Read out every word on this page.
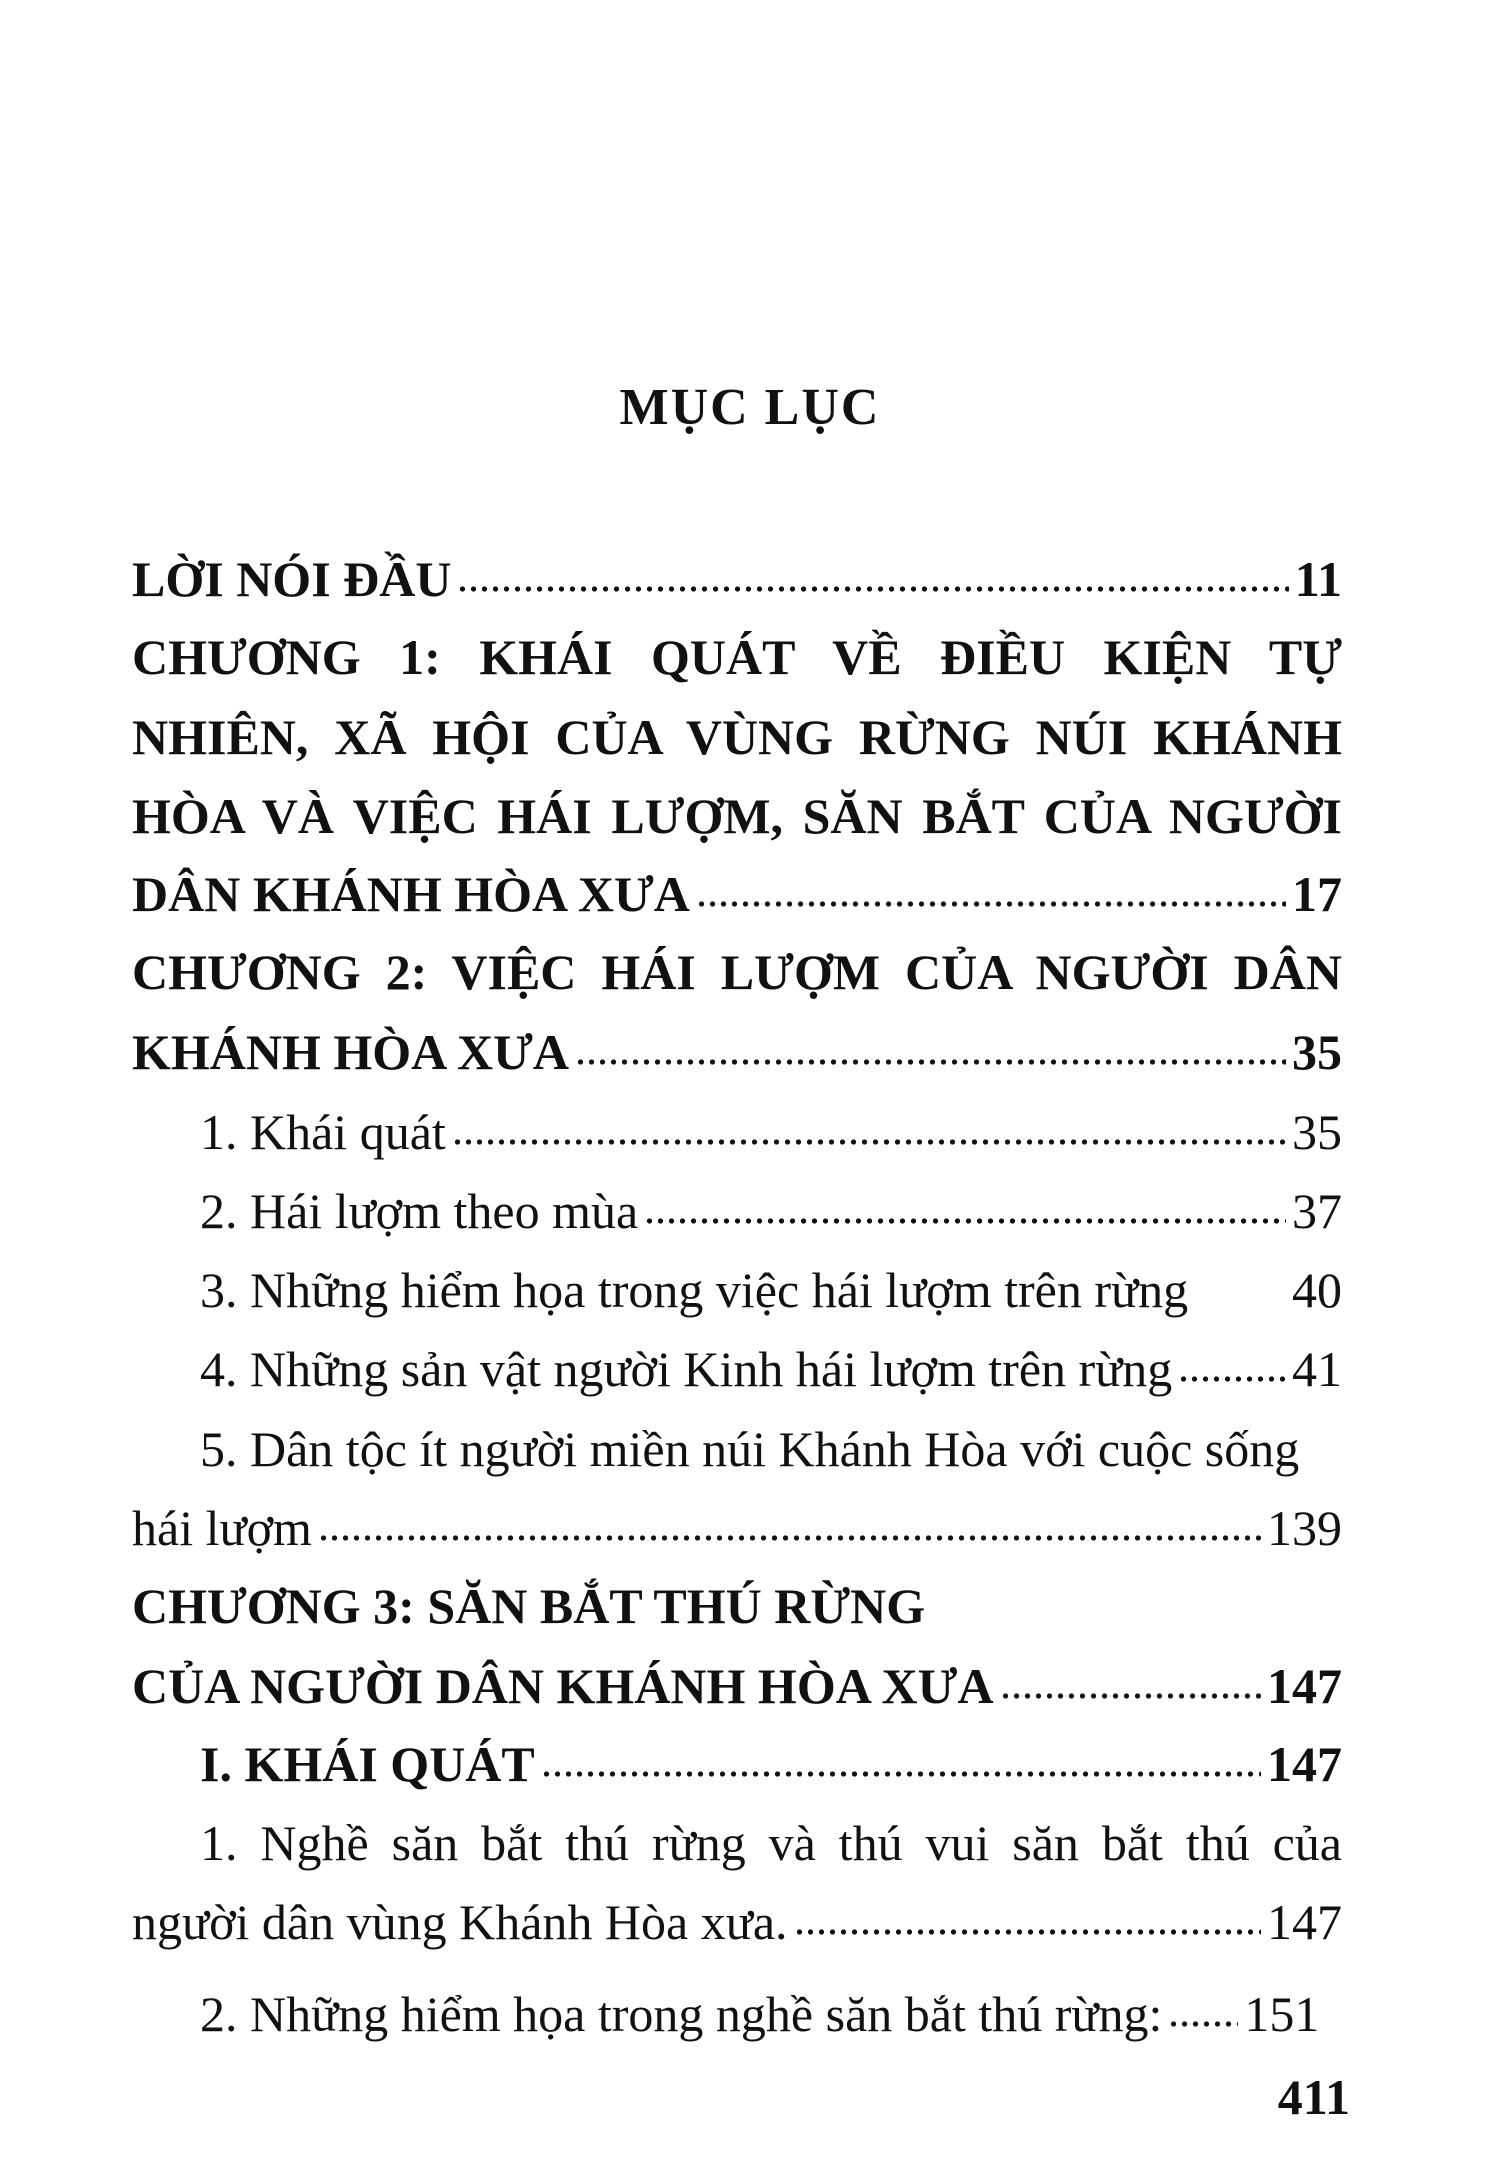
MỤC LỤC
LỜI NÓI ĐẦU	11
CHƯƠNG 1: KHÁI QUÁT VỀ ĐIỀU KIỆN TỰ
NHIÊN, XÃ HỘI CỦA VÙNG RỪNG NÚI KHÁNH
HÒA VÀ VIỆC HÁI LƯỢM, SĂN BẮT CỦA NGƯỜI
DÂN KHÁNH HÒA XƯA	17
CHƯƠNG 2: VIỆC HÁI LƯỢM CỦA NGƯỜI DÂN
KHÁNH HÒA XƯA	35
1. Khái quát	35
2. Hái lượm theo mùa	37
3. Những hiểm họa trong việc hái lượm trên rừng 40
4. Những sản vật người Kinh hái lượm trên rừng 41
5. Dân tộc ít người miền núi Khánh Hòa với cuộc sống
hái lượm	139
CHƯƠNG 3: SĂN BẮT THÚ RỪNG
CỦA NGƯỜI DÂN KHÁNH HÒA XƯA	147
I. KHÁI QUÁT	147
1. Nghề săn bắt thú rừng và thú vui săn bắt thú của
người dân vùng Khánh Hòa xưa.	147
2. Những hiểm họa trong nghề săn bắt thú rừng: 151
411
